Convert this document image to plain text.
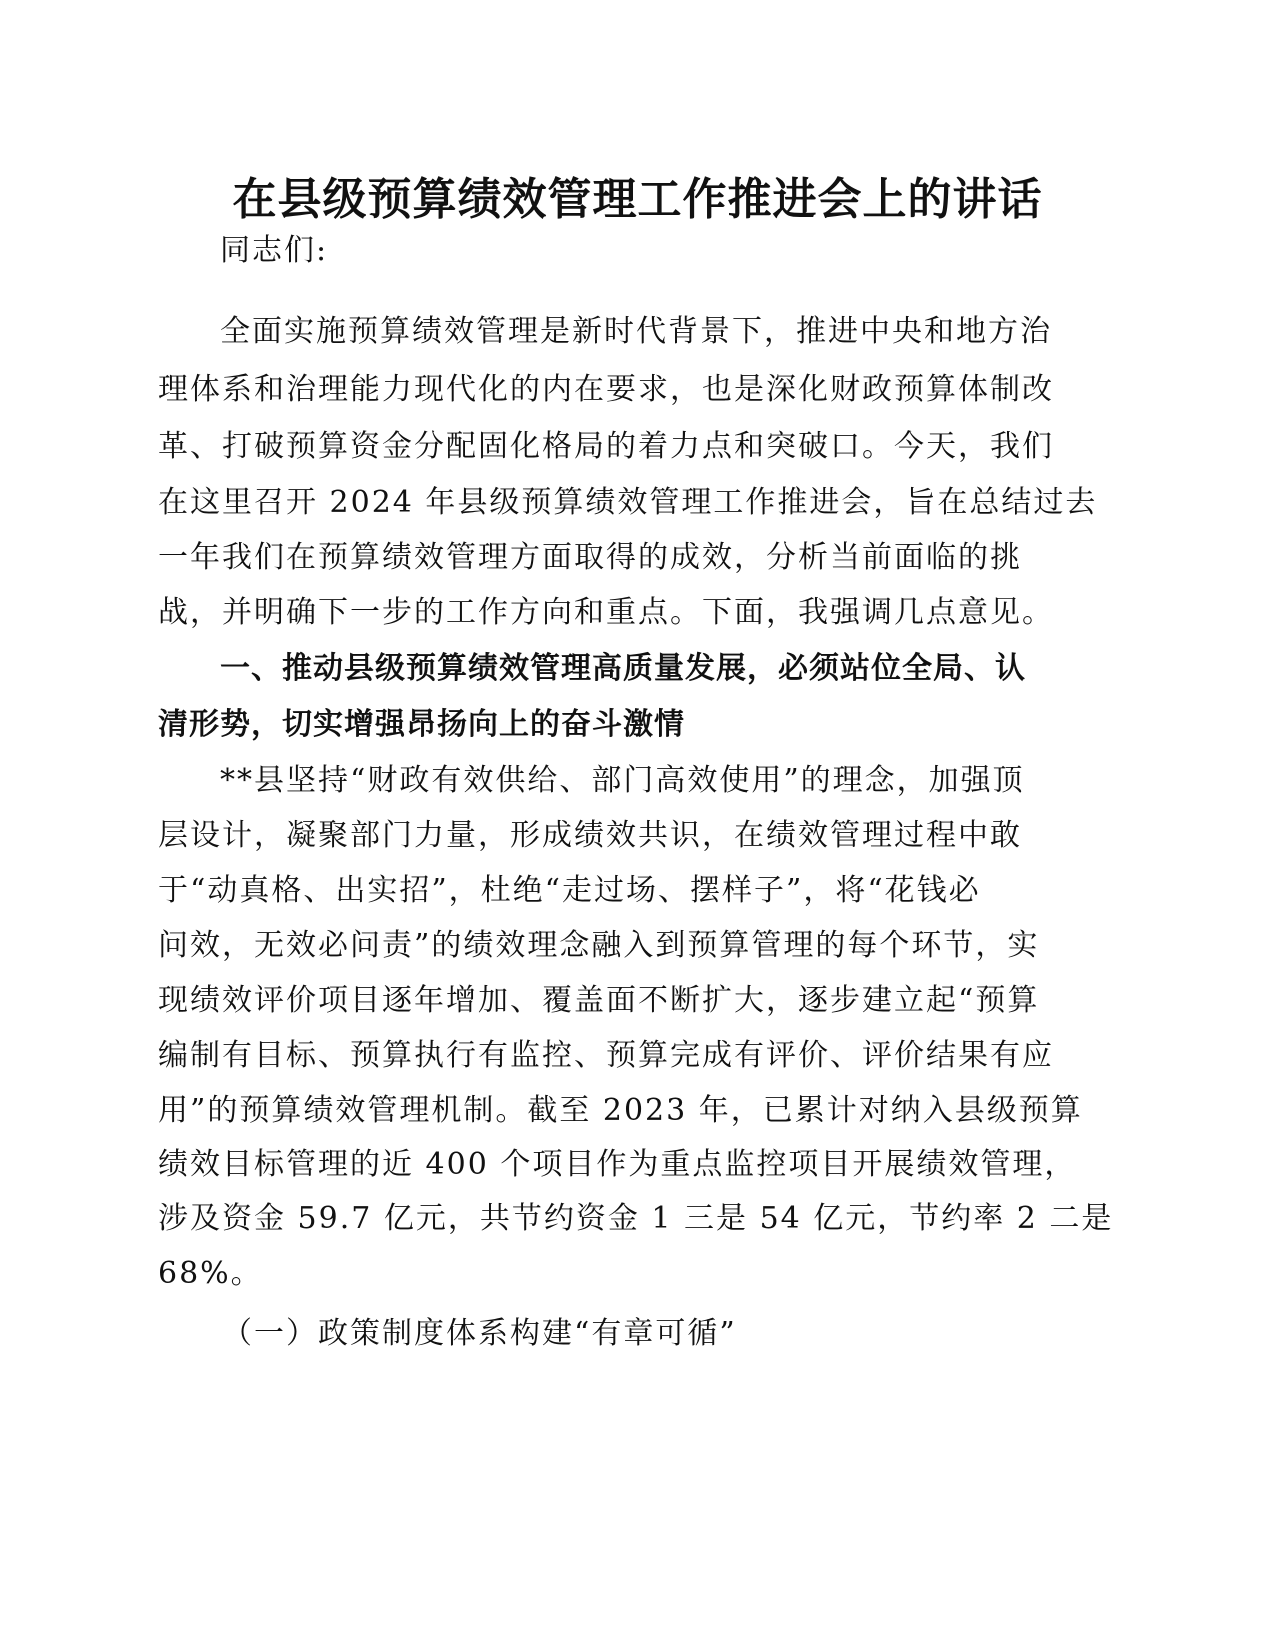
在县级预算绩效管理工作推进会上的讲话
同志们:
全面实施预算绩效管理是新时代背景下，推进中央和地方治
理体系和治理能力现代化的内在要求，也是深化财政预算体制改
革、打破预算资金分配固化格局的着力点和突破口。今天，我们
在这里召开 2024 年县级预算绩效管理工作推进会，旨在总结过去
一年我们在预算绩效管理方面取得的成效，分析当前面临的挑
战，并明确下一步的工作方向和重点。下面，我强调几点意见。
一、推动县级预算绩效管理高质量发展，必须站位全局、认
清形势，切实增强昂扬向上的奋斗激情
**县坚持“财政有效供给、部门高效使用”的理念，加强顶
层设计，凝聚部门力量，形成绩效共识，在绩效管理过程中敢
于“动真格、出实招”，杜绝“走过场、摆样子”，将“花钱必
问效，无效必问责”的绩效理念融入到预算管理的每个环节，实
现绩效评价项目逐年增加、覆盖面不断扩大，逐步建立起“预算
编制有目标、预算执行有监控、预算完成有评价、评价结果有应
用”的预算绩效管理机制。截至 2023 年，已累计对纳入县级预算
绩效目标管理的近 400 个项目作为重点监控项目开展绩效管理，
涉及资金 59.7 亿元，共节约资金 1 三是 54 亿元，节约率 2 二是
68%。
（一）政策制度体系构建“有章可循”
